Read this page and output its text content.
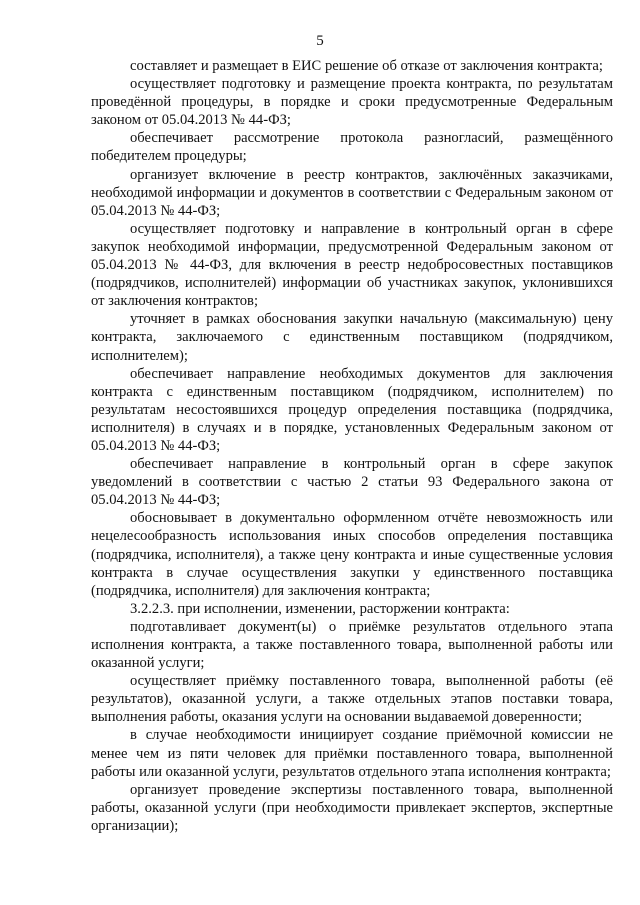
5

составляет и размещает в ЕИС решение об отказе от заключения контракта;

осуществляет подготовку и размещение проекта контракта, по результатам проведённой процедуры, в порядке и сроки предусмотренные Федеральным законом от 05.04.2013 № 44-ФЗ;

обеспечивает рассмотрение протокола разногласий, размещённого победителем процедуры;

организует включение в реестр контрактов, заключённых заказчиками, необходимой информации и документов в соответствии с Федеральным законом от 05.04.2013 № 44-ФЗ;

осуществляет подготовку и направление в контрольный орган в сфере закупок необходимой информации, предусмотренной Федеральным законом от 05.04.2013 № 44-ФЗ, для включения в реестр недобросовестных поставщиков (подрядчиков, исполнителей) информации об участниках закупок, уклонившихся от заключения контрактов;

уточняет в рамках обоснования закупки начальную (максимальную) цену контракта, заключаемого с единственным поставщиком (подрядчиком, исполнителем);

обеспечивает направление необходимых документов для заключения контракта с единственным поставщиком (подрядчиком, исполнителем) по результатам несостоявшихся процедур определения поставщика (подрядчика, исполнителя) в случаях и в порядке, установленных Федеральным законом от 05.04.2013 № 44-ФЗ;

обеспечивает направление в контрольный орган в сфере закупок уведомлений в соответствии с частью 2 статьи 93 Федерального закона от 05.04.2013 № 44-ФЗ;

обосновывает в документально оформленном отчёте невозможность или нецелесообразность использования иных способов определения поставщика (подрядчика, исполнителя), а также цену контракта и иные существенные условия контракта в случае осуществления закупки у единственного поставщика (подрядчика, исполнителя) для заключения контракта;

3.2.2.3. при исполнении, изменении, расторжении контракта:

подготавливает документ(ы) о приёмке результатов отдельного этапа исполнения контракта, а также поставленного товара, выполненной работы или оказанной услуги;

осуществляет приёмку поставленного товара, выполненной работы (её результатов), оказанной услуги, а также отдельных этапов поставки товара, выполнения работы, оказания услуги на основании выдаваемой доверенности;

в случае необходимости инициирует создание приёмочной комиссии не менее чем из пяти человек для приёмки поставленного товара, выполненной работы или оказанной услуги, результатов отдельного этапа исполнения контракта;

организует проведение экспертизы поставленного товара, выполненной работы, оказанной услуги (при необходимости привлекает экспертов, экспертные организации);
